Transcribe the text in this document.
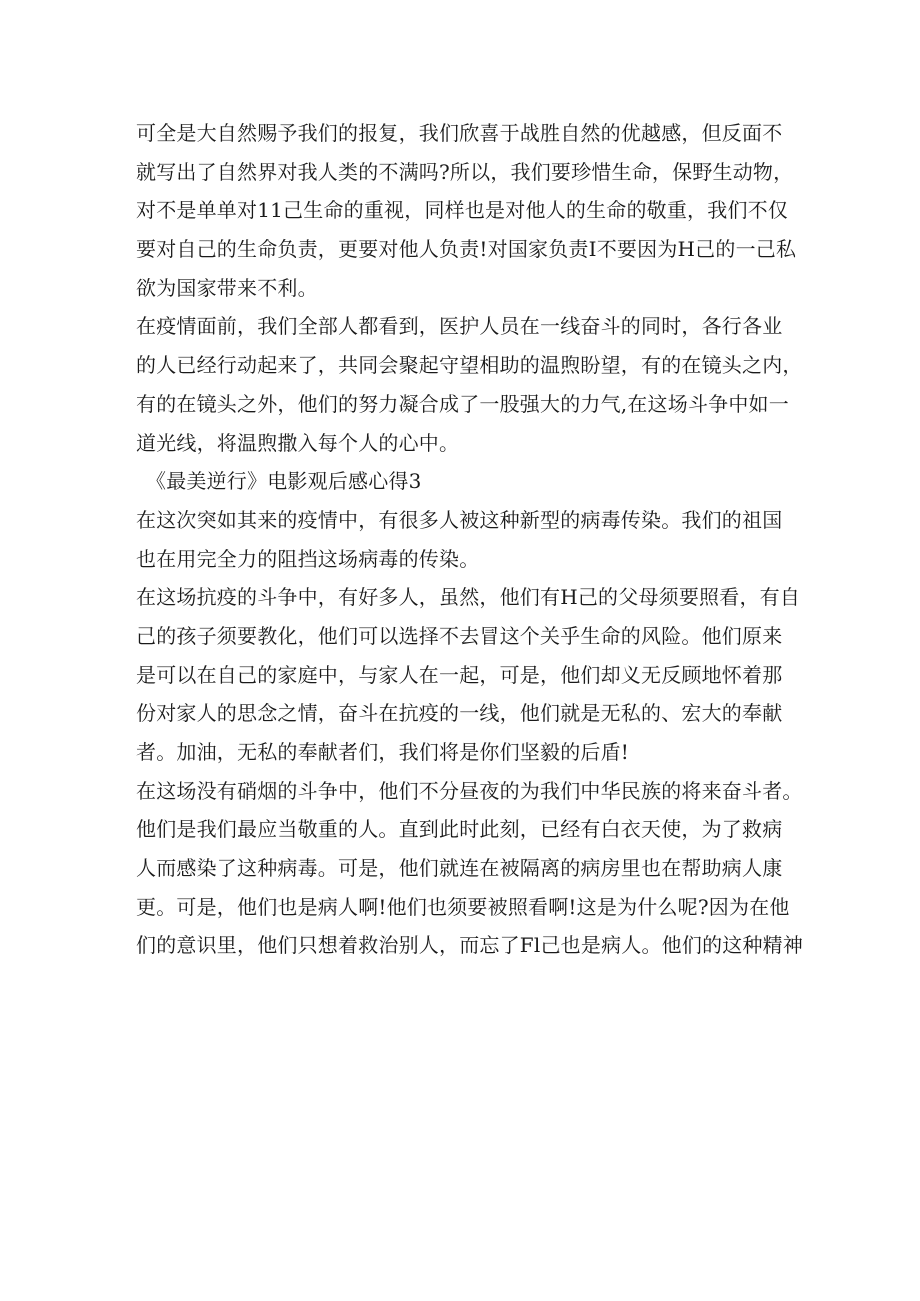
可全是大自然赐予我们的报复，我们欣喜于战胜自然的优越感，但反面不
就写出了自然界对我人类的不满吗?所以，我们要珍惜生命，保野生动物，
对不是单单对11己生命的重视，同样也是对他人的生命的敬重，我们不仅
要对自己的生命负责，更要对他人负责!对国家负责I不要因为H己的一己私
欲为国家带来不利。
在疫情面前，我们全部人都看到，医护人员在一线奋斗的同时，各行各业
的人已经行动起来了，共同会聚起守望相助的温煦盼望，有的在镜头之内，
有的在镜头之外，他们的努力凝合成了一股强大的力气,在这场斗争中如一
道光线，将温煦撒入每个人的心中。
《最美逆行》电影观后感心得3
在这次突如其来的疫情中，有很多人被这种新型的病毒传染。我们的祖国
也在用完全力的阻挡这场病毒的传染。
在这场抗疫的斗争中，有好多人，虽然，他们有H己的父母须要照看，有自
己的孩子须要教化，他们可以选择不去冒这个关乎生命的风险。他们原来
是可以在自己的家庭中，与家人在一起，可是，他们却义无反顾地怀着那
份对家人的思念之情，奋斗在抗疫的一线，他们就是无私的、宏大的奉献
者。加油，无私的奉献者们，我们将是你们坚毅的后盾!
在这场没有硝烟的斗争中，他们不分昼夜的为我们中华民族的将来奋斗者。
他们是我们最应当敬重的人。直到此时此刻，已经有白衣天使，为了救病
人而感染了这种病毒。可是，他们就连在被隔离的病房里也在帮助病人康
更。可是，他们也是病人啊!他们也须要被照看啊!这是为什么呢?因为在他
们的意识里，他们只想着救治别人，而忘了Fl己也是病人。他们的这种精神
